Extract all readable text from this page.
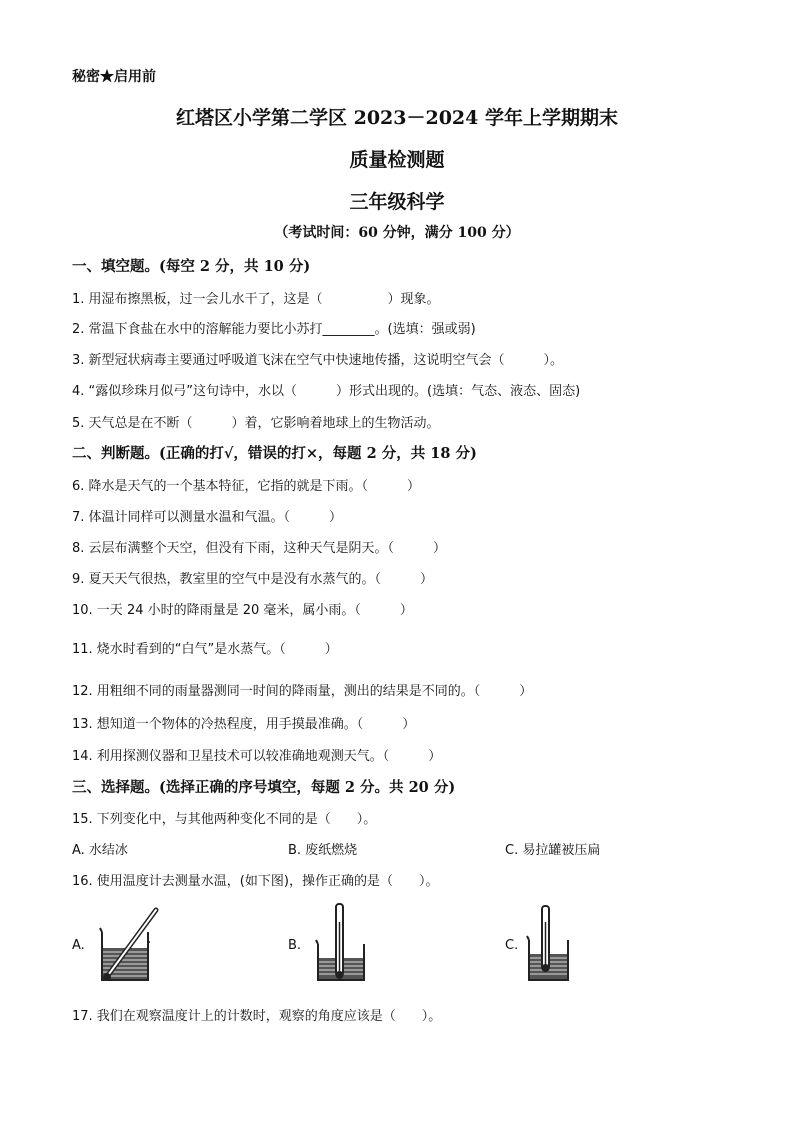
秘密★启用前
红塔区小学第二学区 2023－2024 学年上学期期末
质量检测题
三年级科学
（考试时间：60 分钟，满分 100 分）
一、填空题。(每空 2 分，共 10 分)
1. 用湿布擦黑板，过一会儿水干了，这是（　　　　　）现象。
2. 常温下食盐在水中的溶解能力要比小苏打________。(选填：强或弱)
3. 新型冠状病毒主要通过呼吸道飞沫在空气中快速地传播，这说明空气会（　　　）。
4. “露似珍珠月似弓”这句诗中，水以（　　　）形式出现的。(选填：气态、液态、固态)
5. 天气总是在不断（　　　）着，它影响着地球上的生物活动。
二、判断题。(正确的打√，错误的打×，每题 2 分，共 18 分)
6. 降水是天气的一个基本特征，它指的就是下雨。（　　　）
7. 体温计同样可以测量水温和气温。（　　　）
8. 云层布满整个天空，但没有下雨，这种天气是阴天。（　　　）
9. 夏天天气很热，教室里的空气中是没有水蒸气的。（　　　）
10. 一天 24 小时的降雨量是 20 毫米，属小雨。（　　　）
11. 烧水时看到的“白气”是水蒸气。（　　　）
12. 用粗细不同的雨量器测同一时间的降雨量，测出的结果是不同的。（　　　）
13. 想知道一个物体的冷热程度，用手摸最准确。（　　　）
14. 利用探测仪器和卫星技术可以较准确地观测天气。（　　　）
三、选择题。(选择正确的序号填空，每题 2 分。共 20 分)
15. 下列变化中，与其他两种变化不同的是（　　）。
A. 水结冰	B. 废纸燃烧	C. 易拉罐被压扁
16. 使用温度计去测量水温，(如下图)，操作正确的是（　　）。
A.	B.	C.
17. 我们在观察温度计上的计数时，观察的角度应该是（　　）。
